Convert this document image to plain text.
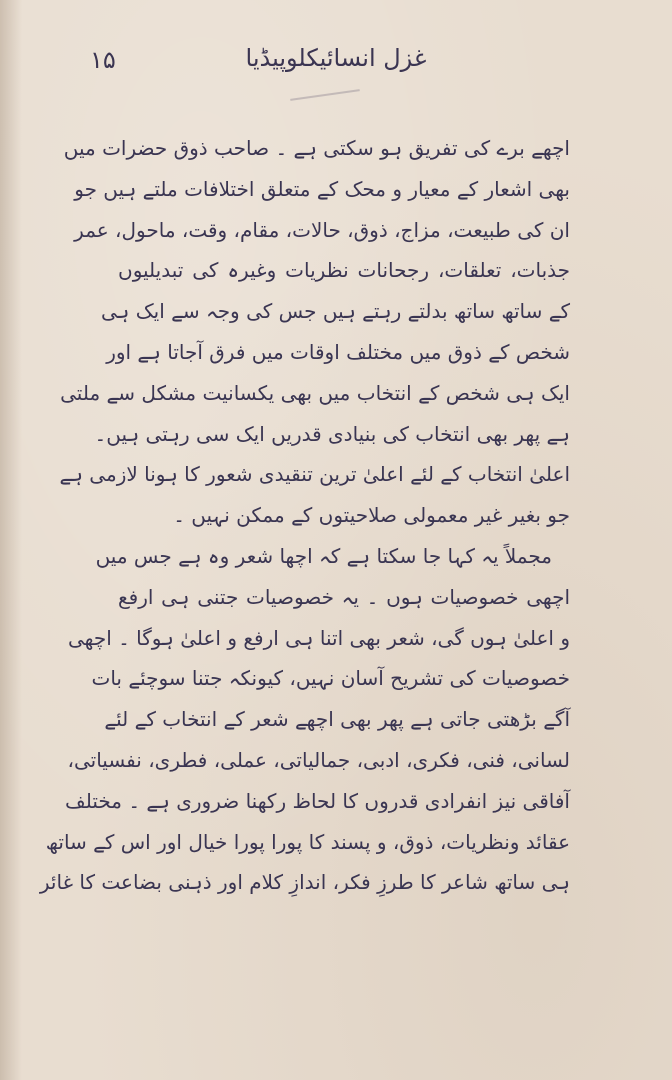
۱۵	غزل انسائیکلوپیڈیا
اچھے برے کی تفریق ہو سکتی ہے ۔ صاحب ذوق حضرات میں
بھی اشعار کے معیار و محک کے متعلق اختلافات ملتے ہیں جو
ان کی طبیعت، مزاج، ذوق، حالات، مقام، وقت، ماحول، عمر
جذبات، تعلقات، رجحانات نظریات وغیرہ کی تبدیلیوں
کے ساتھ ساتھ بدلتے رہتے ہیں جس کی وجہ سے ایک ہی
شخص کے ذوق میں مختلف اوقات میں فرق آجاتا ہے اور
ایک ہی شخص کے انتخاب میں بھی یکسانیت مشکل سے ملتی
ہے پھر بھی انتخاب کی بنیادی قدریں ایک سی رہتی ہیں۔
اعلیٰ انتخاب کے لئے اعلیٰ ترین تنقیدی شعور کا ہونا لازمی ہے
جو بغیر غیر معمولی صلاحیتوں کے ممکن نہیں ۔
مجملاً یہ کہا جا سکتا ہے کہ اچھا شعر وہ ہے جس میں
اچھی خصوصیات ہوں ۔ یہ خصوصیات جتنی ہی ارفع
و اعلیٰ ہوں گی، شعر بھی اتنا ہی ارفع و اعلیٰ ہوگا ۔ اچھی
خصوصیات کی تشریح آسان نہیں، کیونکہ جتنا سوچئے بات
آگے بڑھتی جاتی ہے پھر بھی اچھے شعر کے انتخاب کے لئے
لسانی، فنی، فکری، ادبی، جمالیاتی، عملی، فطری، نفسیاتی،
آفاقی نیز انفرادی قدروں کا لحاظ رکھنا ضروری ہے ۔ مختلف
عقائد ونظریات، ذوق، و پسند کا پورا پورا خیال اور اس کے ساتھ
ہی ساتھ شاعر کا طرزِ فکر، اندازِ کلام اور ذہنی بضاعت کا غائر
